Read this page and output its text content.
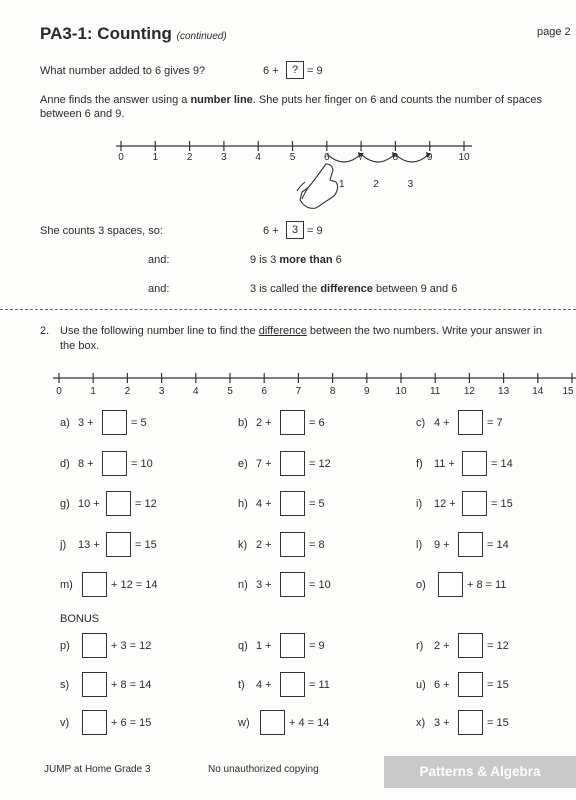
PA3-1: Counting (continued)	page 2
What number added to 6 gives 9?	6 +	? = 9
Anne finds the answer using a number line. She puts her finger on 6 and counts the number of spaces
between 6 and 9.
0	1	2	3	4	5	6	7	8	9	10
1	2	3
She counts 3 spaces, so:	6 +	3 = 9
and:	9 is 3 more than 6
and:	3 is called the difference between 9 and 6
2. Use the following number line to find the difference between the two numbers. Write your answer in
the box.
0	1	2	3	4	5	6	7	8	9	10 11 12 13 14 15
a) 3 +	= 5	b) 2 +	= 6	c) 4 +	= 7
d) 8 +	= 10	e) 7 +	= 12	f) 11 +	= 14
g) 10 +	= 12	h) 4 +	= 5	i) 12 +	= 15
j) 13 +	= 15	k) 2 +	= 8	l) 9 +	= 14
m)	+ 12 = 14	n) 3 +	= 10	o)	+ 8 = 11
BONUS
p)	+ 3 = 12	q) 1 +	= 9	r) 2 +	= 12
s)	+ 8 = 14	t) 4 +	= 11	u) 6 +	= 15
v)	+ 6 = 15	w)	+ 4 = 14	x) 3 +	= 15
JUMP at Home Grade 3	No unauthorized copying	Patterns & Algebra
